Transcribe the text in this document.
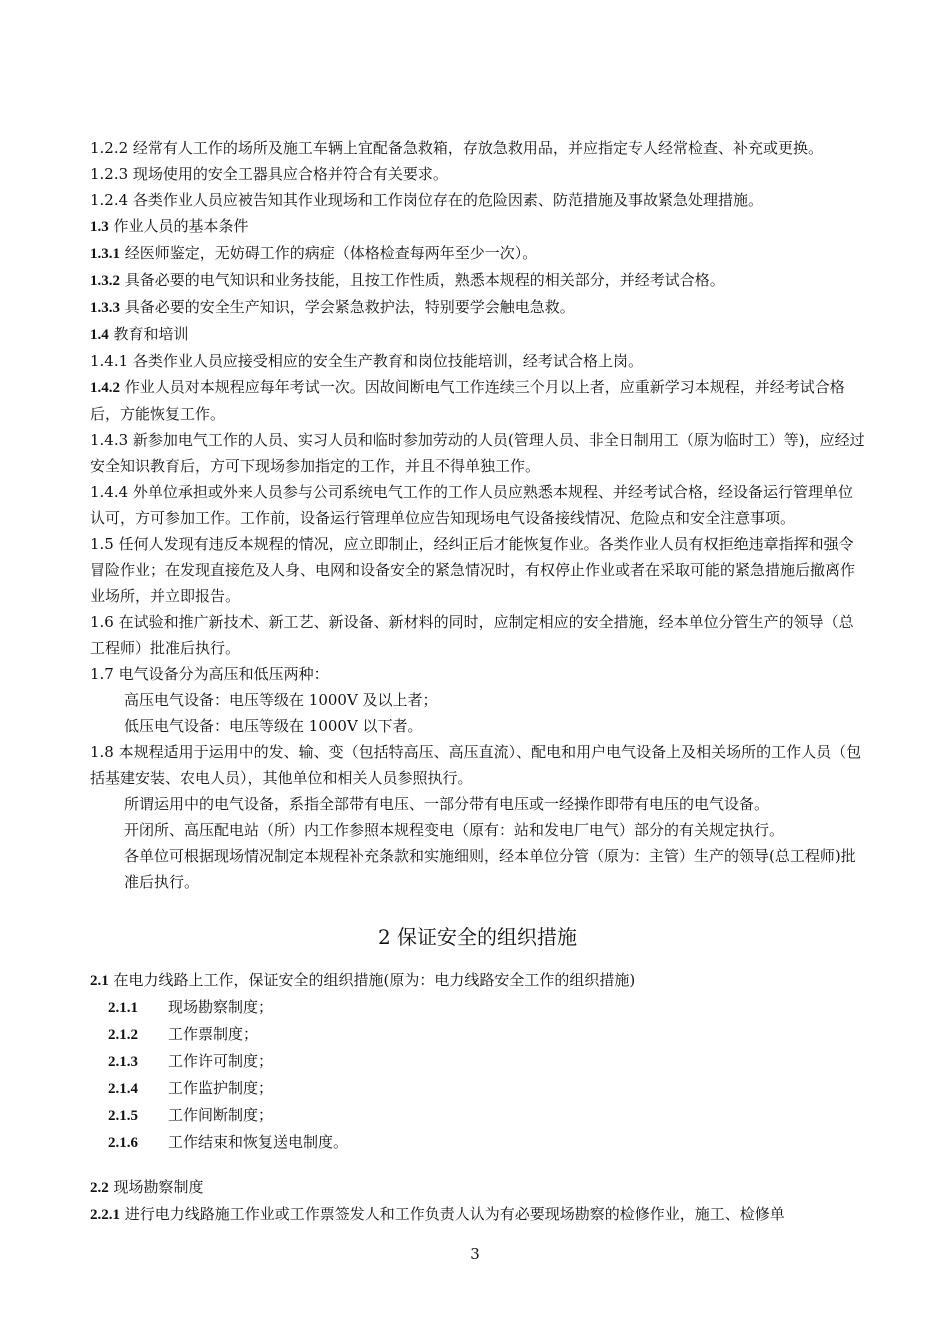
1.2.2 经常有人工作的场所及施工车辆上宜配备急救箱，存放急救用品，并应指定专人经常检查、补充或更换。

1.2.3 现场使用的安全工器具应合格并符合有关要求。

1.2.4 各类作业人员应被告知其作业现场和工作岗位存在的危险因素、防范措施及事故紧急处理措施。

1.3 作业人员的基本条件

1.3.1 经医师鉴定，无妨碍工作的病症（体格检查每两年至少一次）。

1.3.2 具备必要的电气知识和业务技能，且按工作性质，熟悉本规程的相关部分，并经考试合格。

1.3.3 具备必要的安全生产知识，学会紧急救护法，特别要学会触电急救。

1.4 教育和培训

1.4.1 各类作业人员应接受相应的安全生产教育和岗位技能培训，经考试合格上岗。

1.4.2 作业人员对本规程应每年考试一次。因故间断电气工作连续三个月以上者，应重新学习本规程，并经考试合格后，方能恢复工作。

1.4.3 新参加电气工作的人员、实习人员和临时参加劳动的人员(管理人员、非全日制用工（原为临时工）等)，应经过安全知识教育后，方可下现场参加指定的工作，并且不得单独工作。

1.4.4 外单位承担或外来人员参与公司系统电气工作的工作人员应熟悉本规程、并经考试合格，经设备运行管理单位认可，方可参加工作。工作前，设备运行管理单位应告知现场电气设备接线情况、危险点和安全注意事项。

1.5 任何人发现有违反本规程的情况，应立即制止，经纠正后才能恢复作业。各类作业人员有权拒绝违章指挥和强令冒险作业；在发现直接危及人身、电网和设备安全的紧急情况时，有权停止作业或者在采取可能的紧急措施后撤离作业场所，并立即报告。

1.6 在试验和推广新技术、新工艺、新设备、新材料的同时，应制定相应的安全措施，经本单位分管生产的领导（总工程师）批准后执行。

1.7 电气设备分为高压和低压两种：

高压电气设备：电压等级在 1000V 及以上者；

低压电气设备：电压等级在 1000V 以下者。

1.8 本规程适用于运用中的发、输、变（包括特高压、高压直流）、配电和用户电气设备上及相关场所的工作人员（包括基建安装、农电人员），其他单位和相关人员参照执行。

所谓运用中的电气设备，系指全部带有电压、一部分带有电压或一经操作即带有电压的电气设备。

开闭所、高压配电站（所）内工作参照本规程变电（原有：站和发电厂电气）部分的有关规定执行。

各单位可根据现场情况制定本规程补充条款和实施细则，经本单位分管（原为：主管）生产的领导(总工程师)批准后执行。

2 保证安全的组织措施

2.1 在电力线路上工作，保证安全的组织措施(原为：电力线路安全工作的组织措施)

2.1.1 现场勘察制度；

2.1.2 工作票制度；

2.1.3 工作许可制度；

2.1.4 工作监护制度；

2.1.5 工作间断制度；

2.1.6 工作结束和恢复送电制度。

2.2 现场勘察制度

2.2.1 进行电力线路施工作业或工作票签发人和工作负责人认为有必要现场勘察的检修作业，施工、检修单

3
